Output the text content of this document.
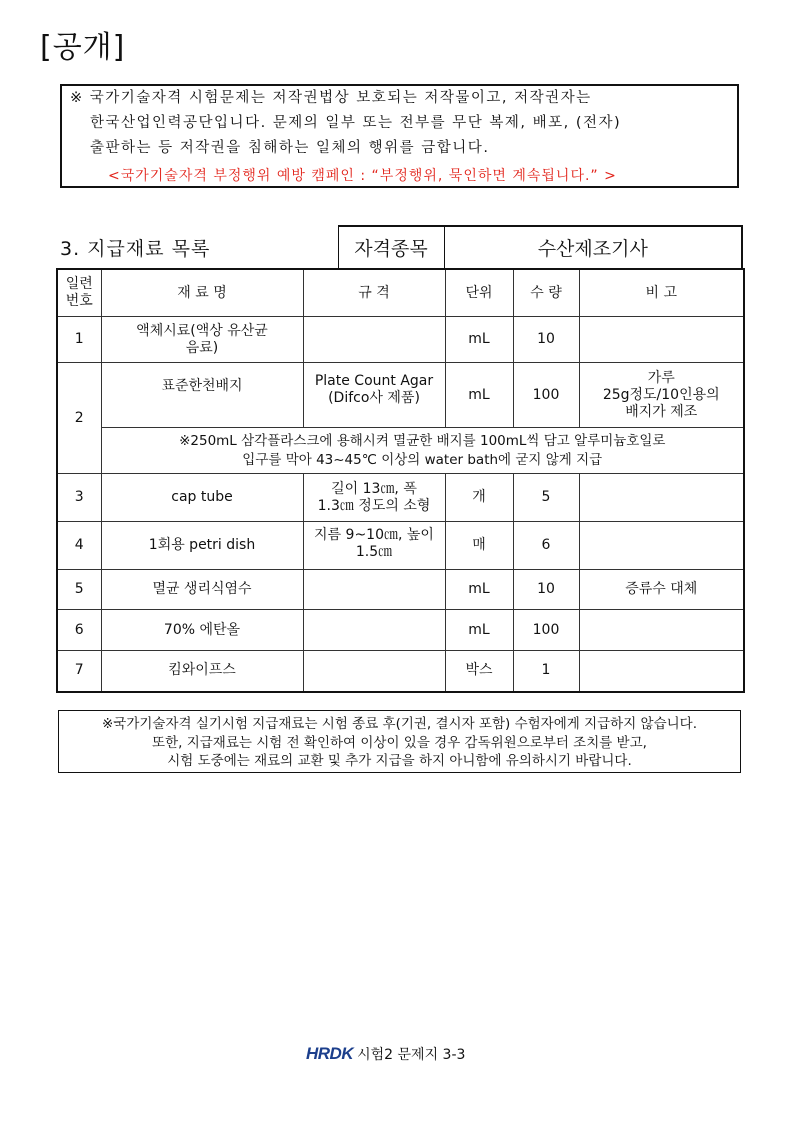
[공개]
※ 국가기술자격 시험문제는 저작권법상 보호되는 저작물이고, 저작권자는
한국산업인력공단입니다. 문제의 일부 또는 전부를 무단 복제, 배포, (전자)
출판하는 등 저작권을 침해하는 일체의 행위를 금합니다.
<국가기술자격 부정행위 예방 캠페인 : “부정행위, 묵인하면 계속됩니다.” >
3. 지급재료 목록	자격종목	수산제조기사
일련
번호	재 료 명	규 격	단위	수 량	비 고
1	액체시료(액상 유산균
음료)		mL	10	
2	표준한천배지	Plate Count Agar
(Difco사 제품)	mL	100	가루
25g정도/10인용의
배지가 제조
	※250mL 삼각플라스크에 용해시켜 멸균한 배지를 100mL씩 담고 알루미늄호일로
입구를 막아 43~45℃ 이상의 water bath에 굳지 않게 지급				
3	cap tube	길이 13㎝, 폭
1.3㎝ 정도의 소형	개	5	
4	1회용 petri dish	지름 9~10㎝, 높이
1.5㎝	매	6	
5	멸균 생리식염수		mL	10	증류수 대체
6	70% 에탄올		mL	100	
7	킴와이프스		박스	1	
※국가기술자격 실기시험 지급재료는 시험 종료 후(기권, 결시자 포함) 수험자에게 지급하지 않습니다.
또한, 지급재료는 시험 전 확인하여 이상이 있을 경우 감독위원으로부터 조치를 받고,
시험 도중에는 재료의 교환 및 추가 지급을 하지 아니함에 유의하시기 바랍니다.
HRDK 시험2 문제지 3-3
